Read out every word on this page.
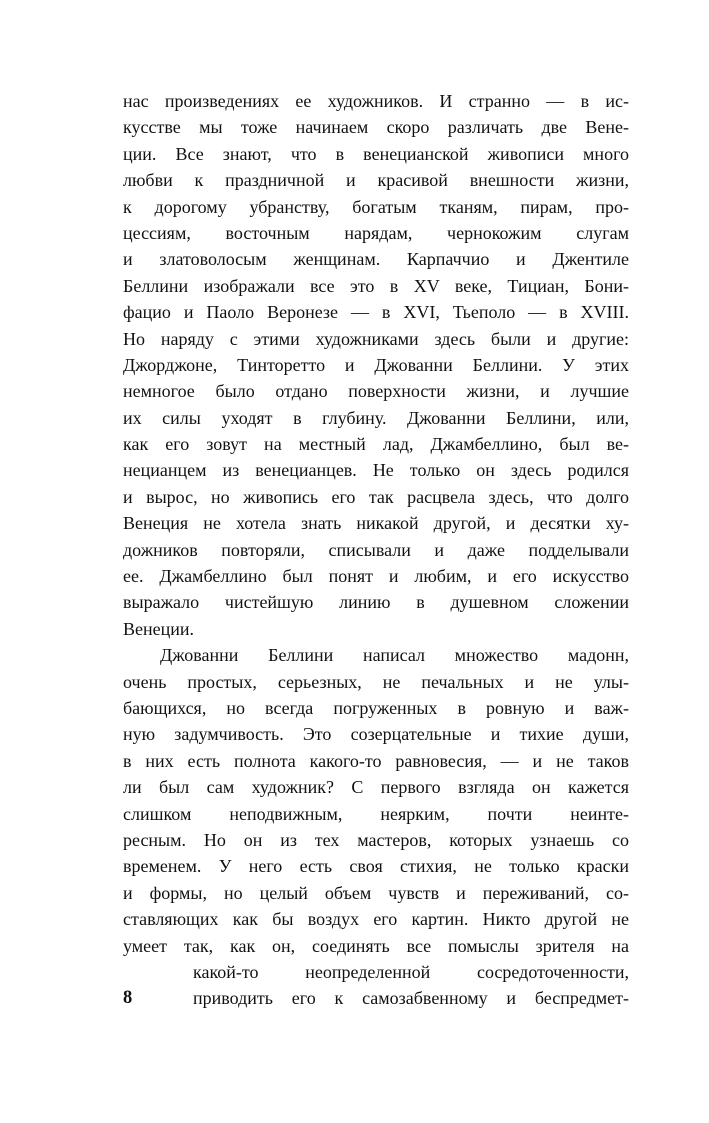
нас произведениях ее художников. И странно — в ис-
кусстве мы тоже начинаем скоро различать две Вене-
ции. Все знают, что в венецианской живописи много
любви к праздничной и красивой внешности жизни,
к дорогому убранству, богатым тканям, пирам, про-
цессиям, восточным нарядам, чернокожим слугам
и златоволосым женщинам. Карпаччио и Джентиле
Беллини изображали все это в XV веке, Тициан, Бони-
фацио и Паоло Веронезе — в XVI, Тьеполо — в XVIII.
Но наряду с этими художниками здесь были и другие:
Джорджоне, Тинторетто и Джованни Беллини. У этих
немногое было отдано поверхности жизни, и лучшие
их силы уходят в глубину. Джованни Беллини, или,
как его зовут на местный лад, Джамбеллино, был ве-
нецианцем из венецианцев. Не только он здесь родился
и вырос, но живопись его так расцвела здесь, что долго
Венеция не хотела знать никакой другой, и десятки ху-
дожников повторяли, списывали и даже подделывали
ее. Джамбеллино был понят и любим, и его искусство
выражало чистейшую линию в душевном сложении
Венеции.
Джованни Беллини написал множество мадонн,
очень простых, серьезных, не печальных и не улы-
бающихся, но всегда погруженных в ровную и важ-
ную задумчивость. Это созерцательные и тихие души,
в них есть полнота какого-то равновесия, — и не таков
ли был сам художник? С первого взгляда он кажется
слишком неподвижным, неярким, почти неинте-
ресным. Но он из тех мастеров, которых узнаешь со
временем. У него есть своя стихия, не только краски
и формы, но целый объем чувств и переживаний, со-
ставляющих как бы воздух его картин. Никто другой не
умеет так, как он, соединять все помыслы зрителя на
какой-то неопределенной сосредоточенности,
приводить его к самозабвенному и беспредмет-
8
